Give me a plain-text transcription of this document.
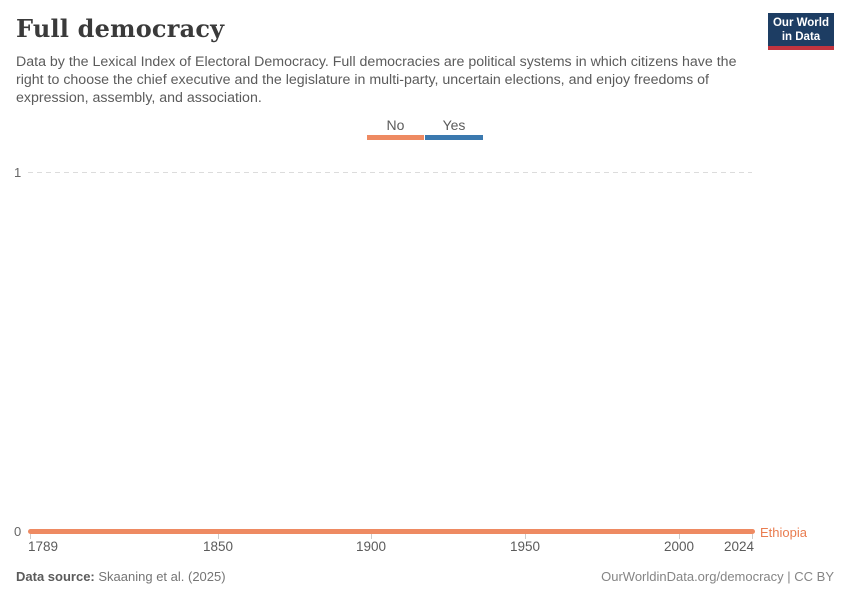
Full democracy	Our World
in Data

Data by the Lexical Index of Electoral Democracy. Full democracies are political systems in which citizens have the right to choose the chief executive and the legislature in multi-party, uncertain elections, and enjoy freedoms of expression, assembly, and association.

No	Yes
1
0	Ethiopia
1789	1850	1900	1950	2000 2024
Data source: Skaaning et al. (2025)	OurWorldinData.org/democracy | CC BY
